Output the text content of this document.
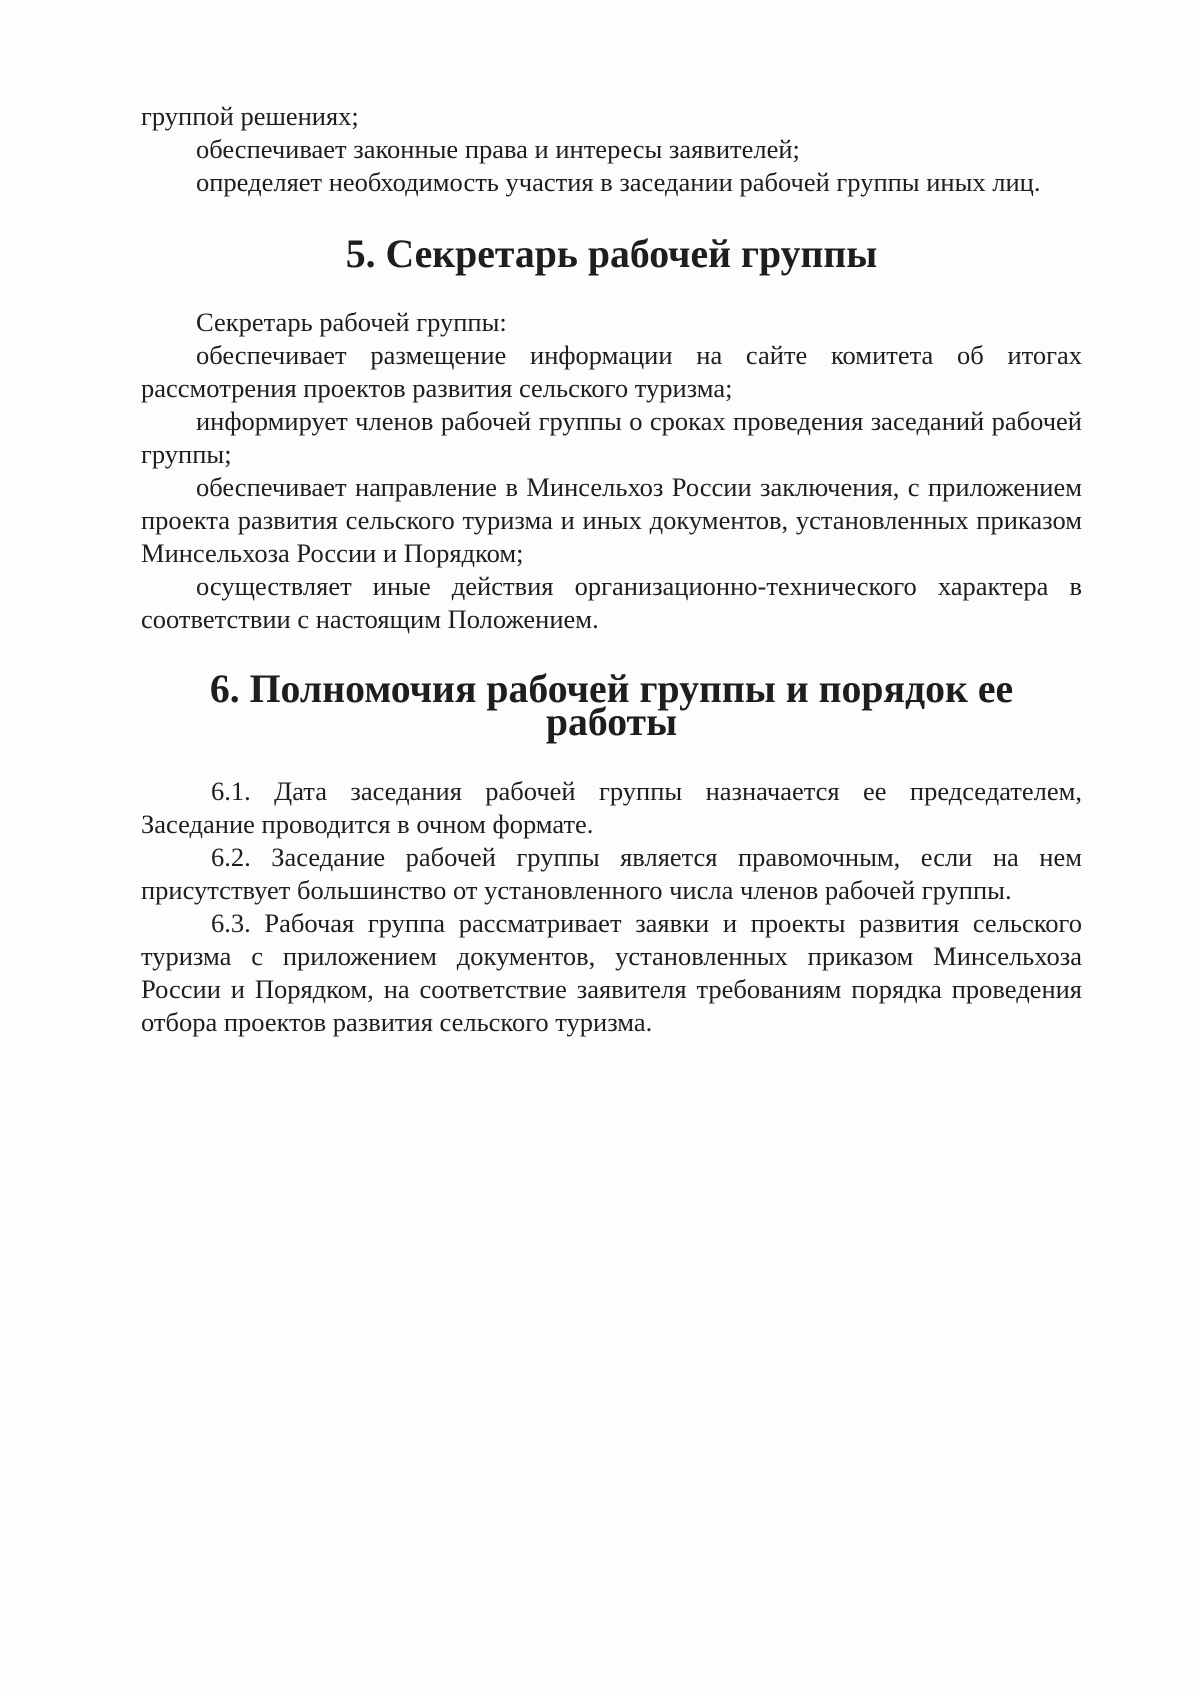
группой решениях;

обеспечивает законные права и интересы заявителей;

определяет необходимость участия в заседании рабочей группы иных лиц.

5. Секретарь рабочей группы

Секретарь рабочей группы:

обеспечивает размещение информации на сайте комитета об итогах рассмотрения проектов развития сельского туризма;

информирует членов рабочей группы о сроках проведения заседаний рабочей группы;

обеспечивает направление в Минсельхоз России заключения, с приложением проекта развития сельского туризма и иных документов, установленных приказом Минсельхоза России и Порядком;

осуществляет иные действия организационно-технического характера в соответствии с настоящим Положением.

6. Полномочия рабочей группы и порядок ее работы

6.1. Дата заседания рабочей группы назначается ее председателем, Заседание проводится в очном формате.

6.2. Заседание рабочей группы является правомочным, если на нем присутствует большинство от установленного числа членов рабочей группы.

6.3. Рабочая группа рассматривает заявки и проекты развития сельского туризма с приложением документов, установленных приказом Минсельхоза России и Порядком, на соответствие заявителя требованиям порядка проведения отбора проектов развития сельского туризма.
